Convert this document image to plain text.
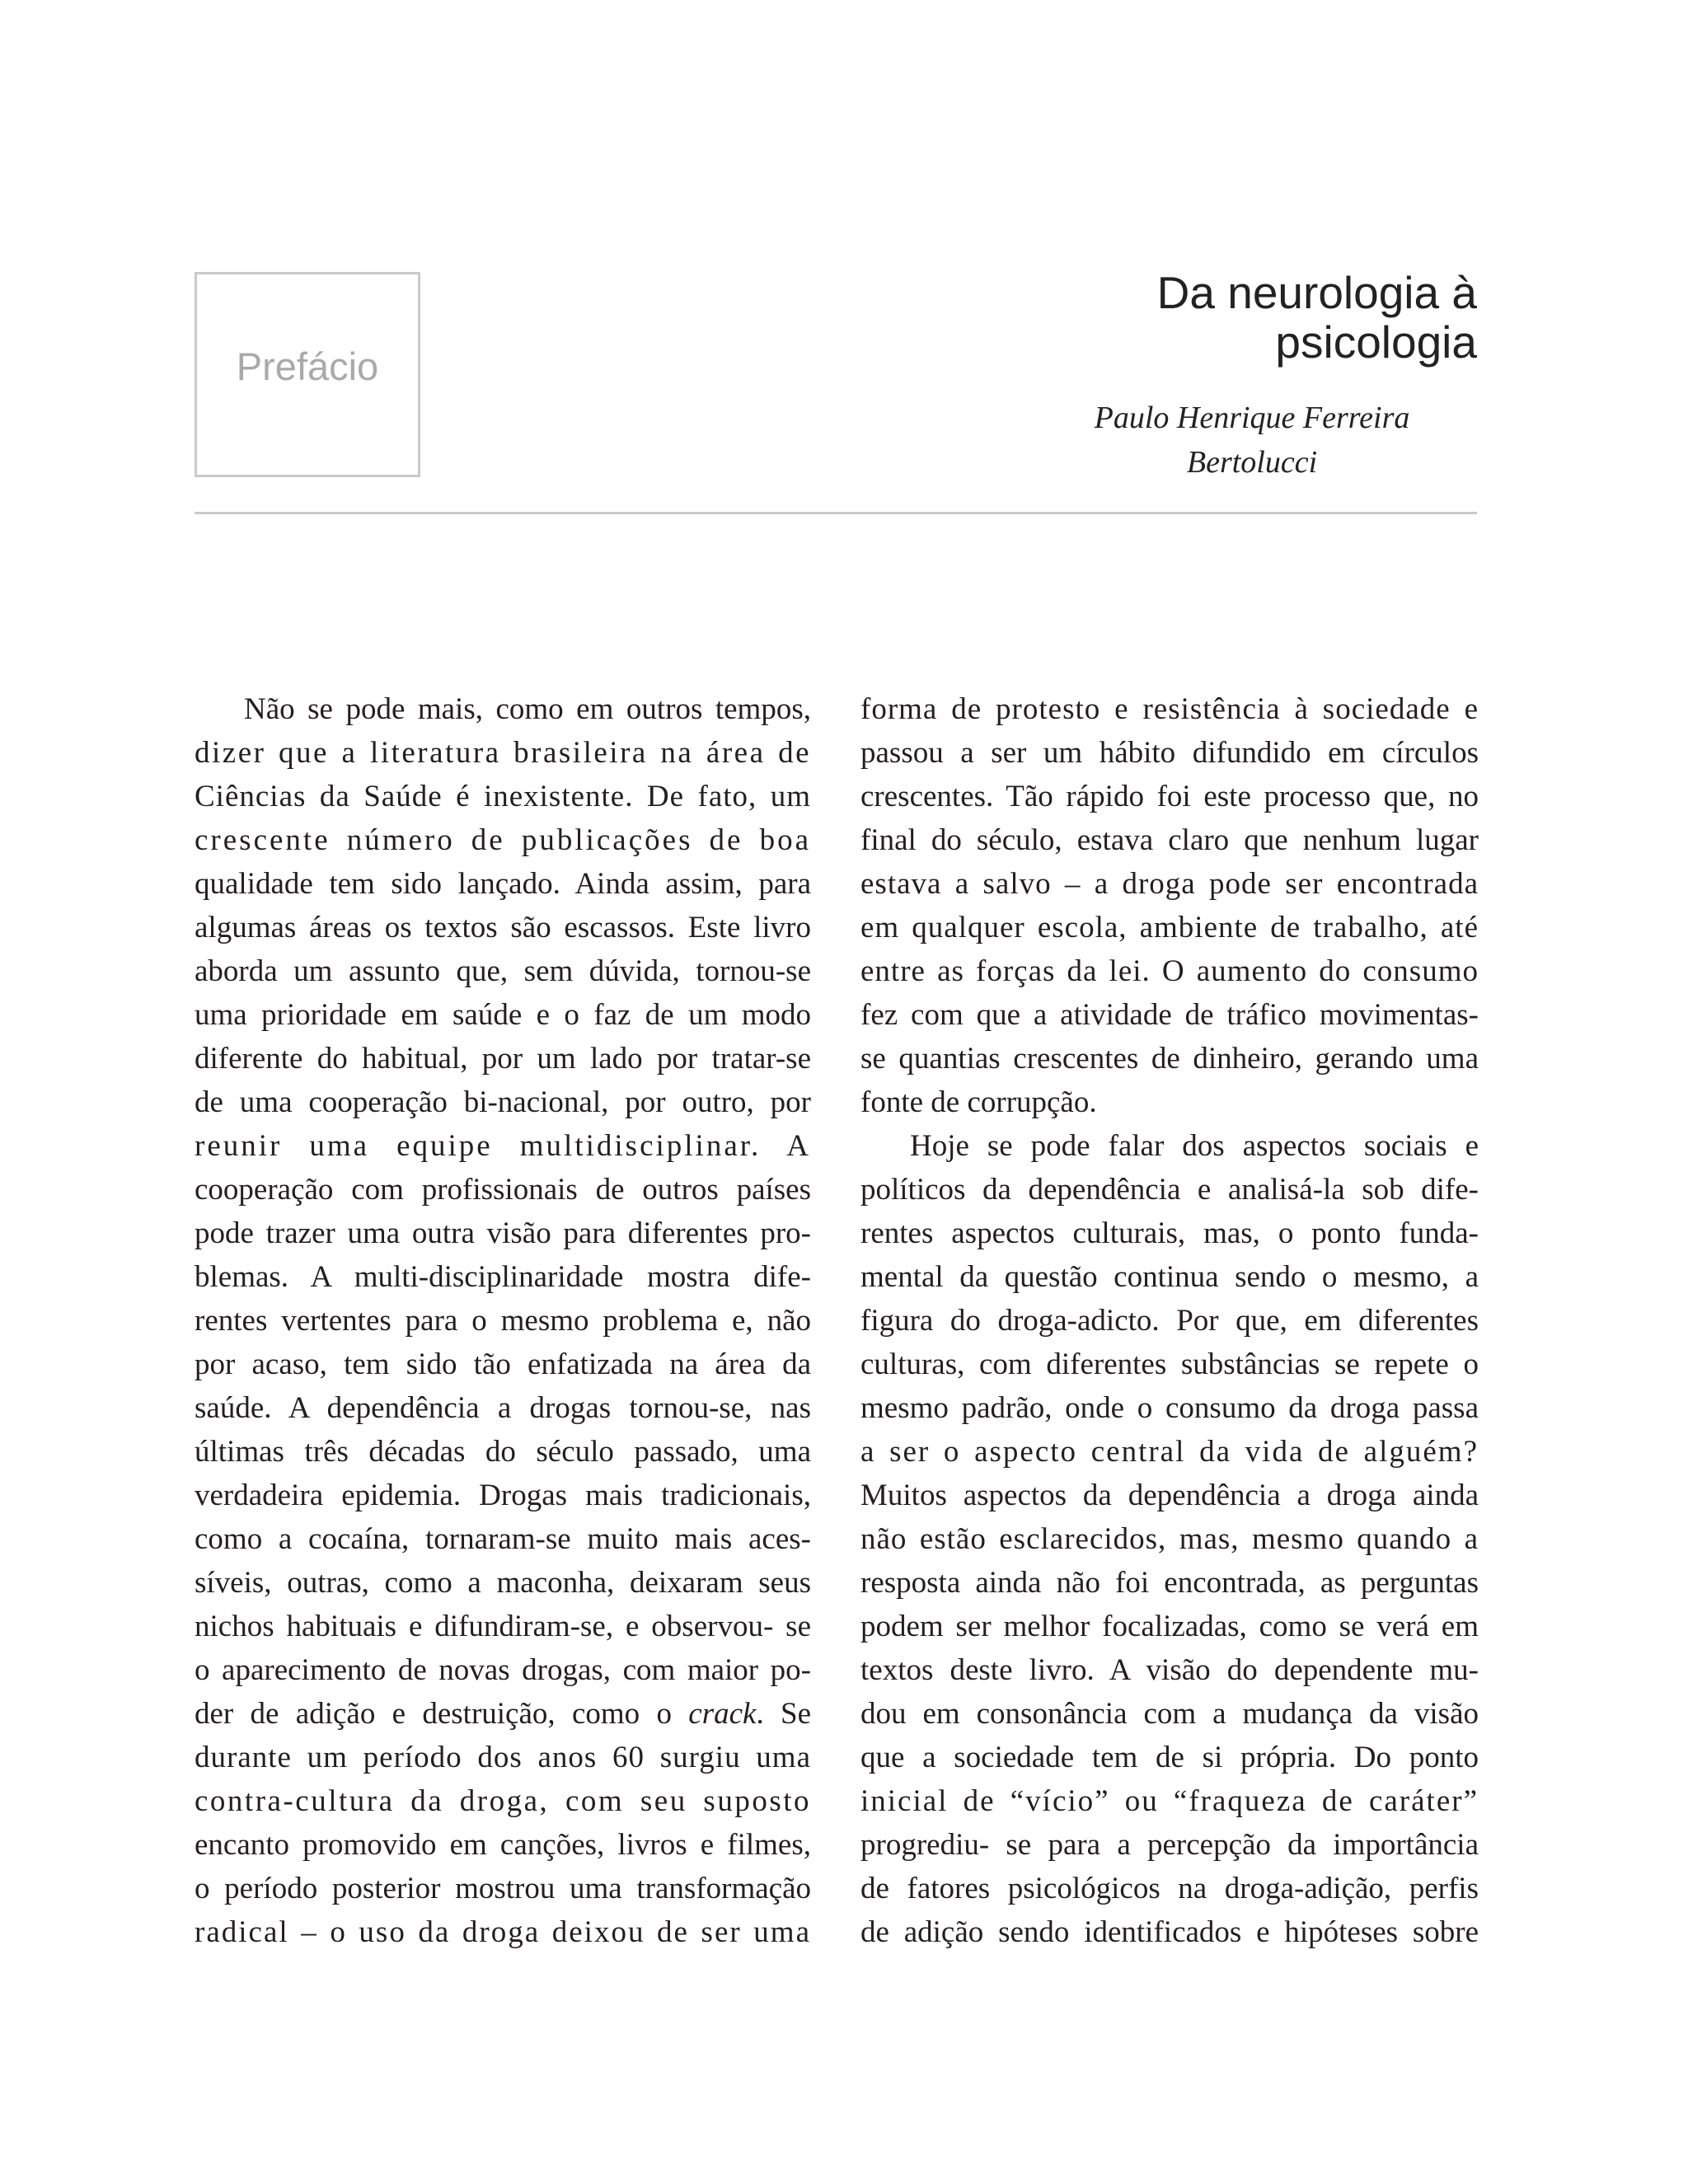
Prefácio
Da neurologia à
psicologia
Paulo Henrique Ferreira
Bertolucci
Não se pode mais, como em outros tempos,
dizer que a literatura brasileira na área de
Ciências da Saúde é inexistente. De fato, um
crescente número de publicações de boa
qualidade tem sido lançado. Ainda assim, para
algumas áreas os textos são escassos. Este livro
aborda um assunto que, sem dúvida, tornou-se
uma prioridade em saúde e o faz de um modo
diferente do habitual, por um lado por tratar-se
de uma cooperação bi-nacional, por outro, por
reunir uma equipe multidisciplinar. A
cooperação com profissionais de outros países
pode trazer uma outra visão para diferentes pro-
blemas. A multi-disciplinaridade mostra dife-
rentes vertentes para o mesmo problema e, não
por acaso, tem sido tão enfatizada na área da
saúde. A dependência a drogas tornou-se, nas
últimas três décadas do século passado, uma
verdadeira epidemia. Drogas mais tradicionais,
como a cocaína, tornaram-se muito mais aces-
síveis, outras, como a maconha, deixaram seus
nichos habituais e difundiram-se, e observou- se
o aparecimento de novas drogas, com maior po-
der de adição e destruição, como o crack. Se
durante um período dos anos 60 surgiu uma
contra-cultura da droga, com seu suposto
encanto promovido em canções, livros e filmes,
o período posterior mostrou uma transformação
radical – o uso da droga deixou de ser uma
forma de protesto e resistência à sociedade e
passou a ser um hábito difundido em círculos
crescentes. Tão rápido foi este processo que, no
final do século, estava claro que nenhum lugar
estava a salvo – a droga pode ser encontrada
em qualquer escola, ambiente de trabalho, até
entre as forças da lei. O aumento do consumo
fez com que a atividade de tráfico movimentas-
se quantias crescentes de dinheiro, gerando uma
fonte de corrupção.
Hoje se pode falar dos aspectos sociais e
políticos da dependência e analisá-la sob dife-
rentes aspectos culturais, mas, o ponto funda-
mental da questão continua sendo o mesmo, a
figura do droga-adicto. Por que, em diferentes
culturas, com diferentes substâncias se repete o
mesmo padrão, onde o consumo da droga passa
a ser o aspecto central da vida de alguém?
Muitos aspectos da dependência a droga ainda
não estão esclarecidos, mas, mesmo quando a
resposta ainda não foi encontrada, as perguntas
podem ser melhor focalizadas, como se verá em
textos deste livro. A visão do dependente mu-
dou em consonância com a mudança da visão
que a sociedade tem de si própria. Do ponto
inicial de “vício” ou “fraqueza de caráter”
progrediu- se para a percepção da importância
de fatores psicológicos na droga-adição, perfis
de adição sendo identificados e hipóteses sobre
